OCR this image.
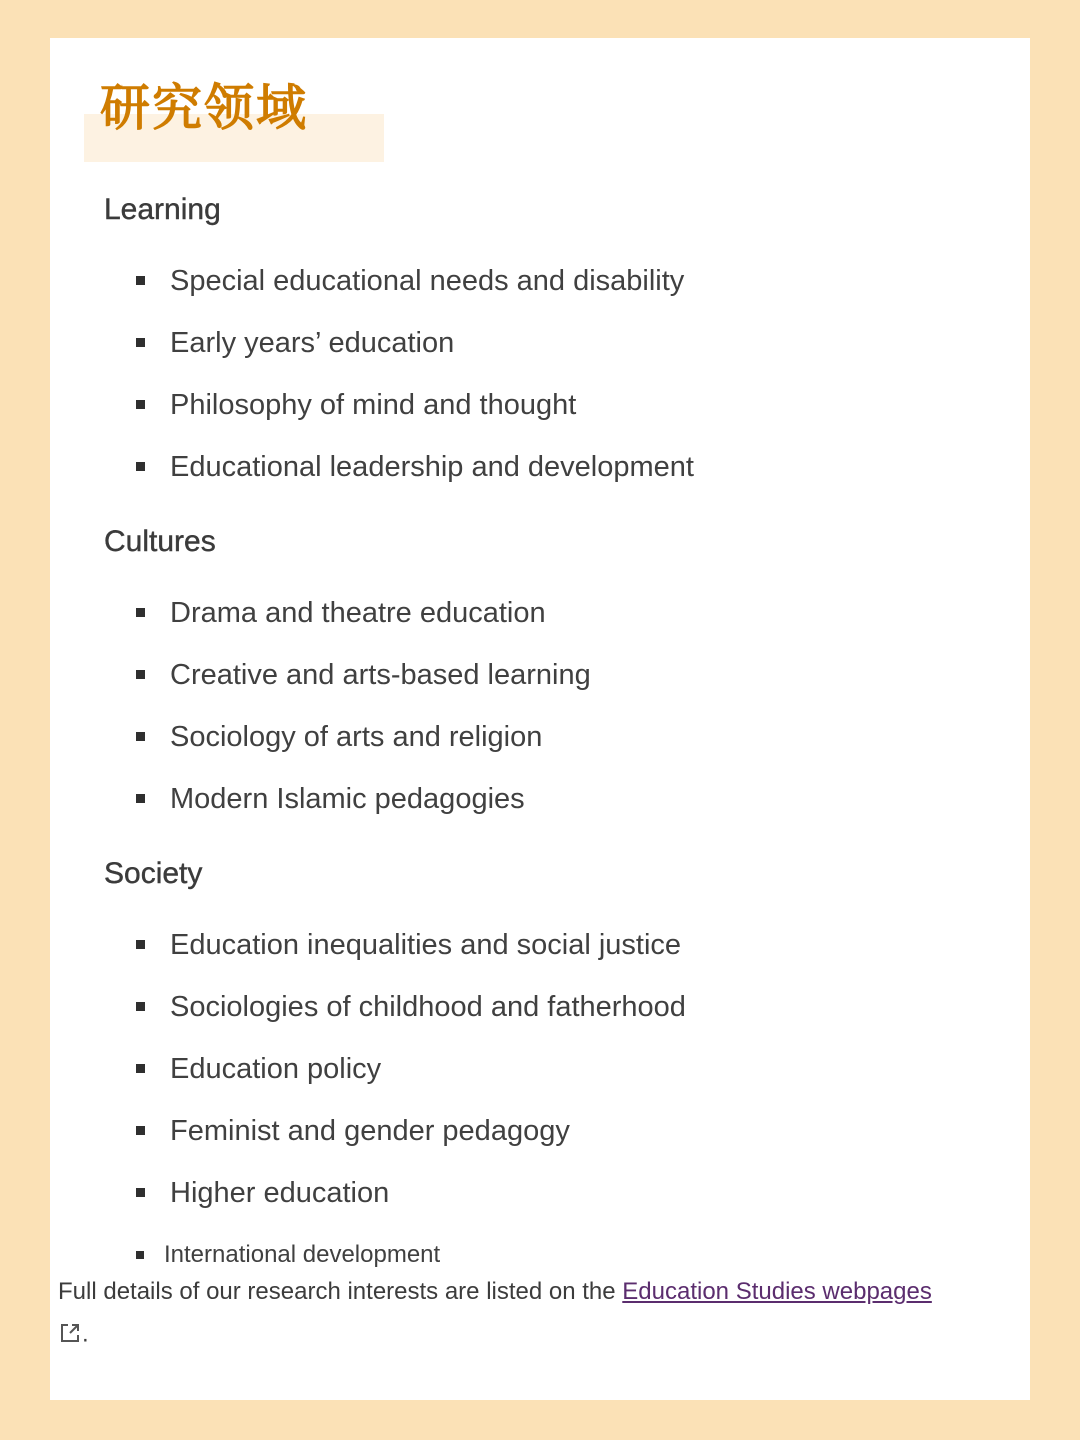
研究领域
Learning
Special educational needs and disability
Early years’ education
Philosophy of mind and thought
Educational leadership and development
Cultures
Drama and theatre education
Creative and arts-based learning
Sociology of arts and religion
Modern Islamic pedagogies
Society
Education inequalities and social justice
Sociologies of childhood and fatherhood
Education policy
Feminist and gender pedagogy
Higher education
International development
Full details of our research interests are listed on the Education Studies webpages
.
